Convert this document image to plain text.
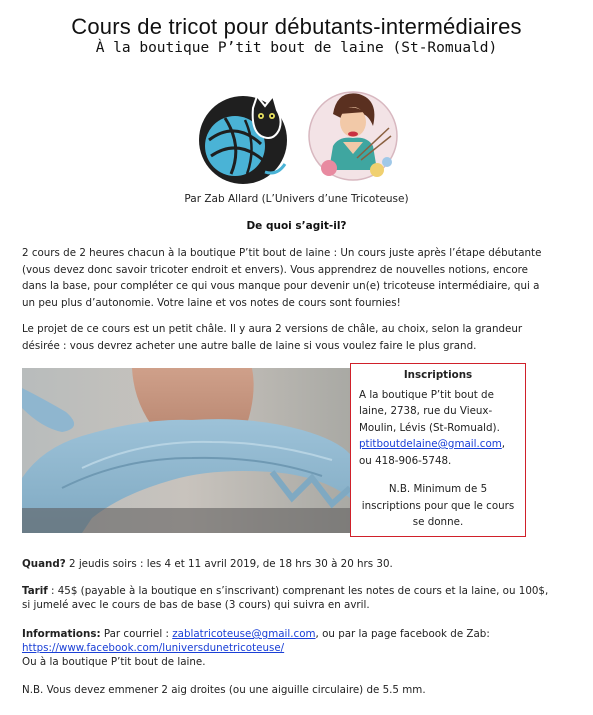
Cours de tricot pour débutants-intermédiaires
À la boutique P’tit bout de laine (St-Romuald)
Par Zab Allard (L’Univers d’une Tricoteuse)
De quoi s’agit-il?
2 cours de 2 heures chacun à la boutique P’tit bout de laine : Un cours juste après l’étape débutante
(vous devez donc savoir tricoter endroit et envers). Vous apprendrez de nouvelles notions, encore
dans la base, pour compléter ce qui vous manque pour devenir un(e) tricoteuse intermédiaire, qui a
un peu plus d’autonomie. Votre laine et vos notes de cours sont fournies!
Le projet de ce cours est un petit châle. Il y aura 2 versions de châle, au choix, selon la grandeur
désirée : vous devrez acheter une autre balle de laine si vous voulez faire le plus grand.
Inscriptions
A la boutique P’tit bout de
laine, 2738, rue du Vieux-
Moulin, Lévis (St-Romuald).
ptitboutdelaine@gmail.com,
ou 418-906-5748.
N.B. Minimum de 5
inscriptions pour que le cours
se donne.
Quand? 2 jeudis soirs : les 4 et 11 avril 2019, de 18 hrs 30 à 20 hrs 30.
Tarif : 45$ (payable à la boutique en s’inscrivant) comprenant les notes de cours et la laine, ou 100$,
si jumelé avec le cours de bas de base (3 cours) qui suivra en avril.
Informations: Par courriel : zablatricoteuse@gmail.com, ou par la page facebook de Zab:
https://www.facebook.com/luniversdunetricoteuse/
Ou à la boutique P’tit bout de laine.
N.B. Vous devez emmener 2 aig droites (ou une aiguille circulaire) de 5.5 mm.
